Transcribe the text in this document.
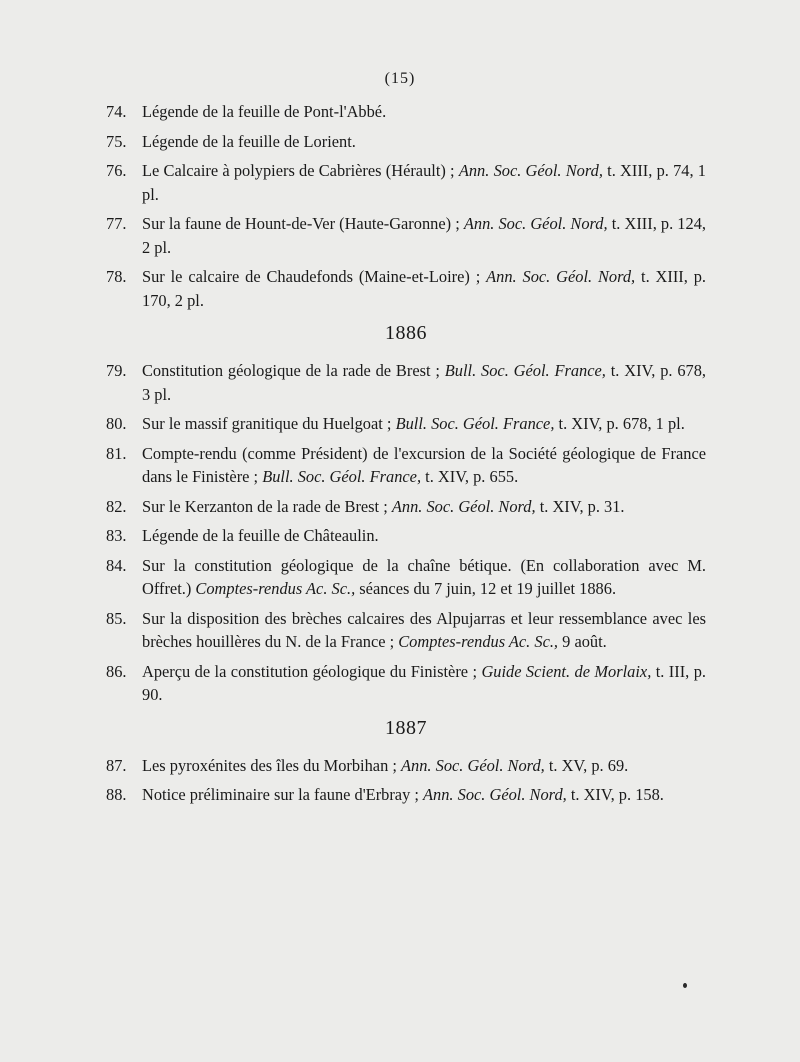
(15)
74. Légende de la feuille de Pont-l'Abbé.
75. Légende de la feuille de Lorient.
76. Le Calcaire à polypiers de Cabrières (Hérault) ; Ann. Soc. Géol. Nord, t. XIII, p. 74, 1 pl.
77. Sur la faune de Hount-de-Ver (Haute-Garonne) ; Ann. Soc. Géol. Nord, t. XIII, p. 124, 2 pl.
78. Sur le calcaire de Chaudefonds (Maine-et-Loire) ; Ann. Soc. Géol. Nord, t. XIII, p. 170, 2 pl.
1886
79. Constitution géologique de la rade de Brest ; Bull. Soc. Géol. France, t. XIV, p. 678, 3 pl.
80. Sur le massif granitique du Huelgoat ; Bull. Soc. Géol. France, t. XIV, p. 678, 1 pl.
81. Compte-rendu (comme Président) de l'excursion de la Société géologique de France dans le Finistère ; Bull. Soc. Géol. France, t. XIV, p. 655.
82. Sur le Kerzanton de la rade de Brest ; Ann. Soc. Géol. Nord, t. XIV, p. 31.
83. Légende de la feuille de Châteaulin.
84. Sur la constitution géologique de la chaîne bétique. (En collaboration avec M. Offret.) Comptes-rendus Ac. Sc., séances du 7 juin, 12 et 19 juillet 1886.
85. Sur la disposition des brèches calcaires des Alpujarras et leur ressemblance avec les brèches houillères du N. de la France ; Comptes-rendus Ac. Sc., 9 août.
86. Aperçu de la constitution géologique du Finistère ; Guide Scient. de Morlaix, t. III, p. 90.
1887
87. Les pyroxénites des îles du Morbihan ; Ann. Soc. Géol. Nord, t. XV, p. 69.
88. Notice préliminaire sur la faune d'Erbray ; Ann. Soc. Géol. Nord, t. XIV, p. 158.
